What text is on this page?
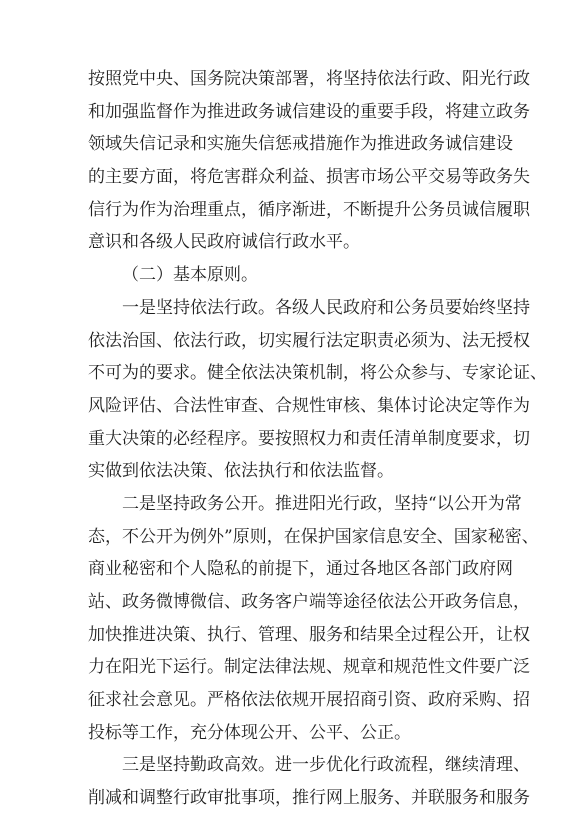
按照党中央、国务院决策部署，将坚持依法行政、阳光行政
和加强监督作为推进政务诚信建设的重要手段，将建立政务
领域失信记录和实施失信惩戒措施作为推进政务诚信建设
的主要方面，将危害群众利益、损害市场公平交易等政务失
信行为作为治理重点，循序渐进，不断提升公务员诚信履职
意识和各级人民政府诚信行政水平。
（二）基本原则。
一是坚持依法行政。各级人民政府和公务员要始终坚持
依法治国、依法行政，切实履行法定职责必须为、法无授权
不可为的要求。健全依法决策机制，将公众参与、专家论证、
风险评估、合法性审查、合规性审核、集体讨论决定等作为
重大决策的必经程序。要按照权力和责任清单制度要求，切
实做到依法决策、依法执行和依法监督。
二是坚持政务公开。推进阳光行政，坚持“以公开为常
态，不公开为例外”原则，在保护国家信息安全、国家秘密、
商业秘密和个人隐私的前提下，通过各地区各部门政府网
站、政务微博微信、政务客户端等途径依法公开政务信息，
加快推进决策、执行、管理、服务和结果全过程公开，让权
力在阳光下运行。制定法律法规、规章和规范性文件要广泛
征求社会意见。严格依法依规开展招商引资、政府采购、招
投标等工作，充分体现公开、公平、公正。
三是坚持勤政高效。进一步优化行政流程，继续清理、
削减和调整行政审批事项，推行网上服务、并联服务和服务
